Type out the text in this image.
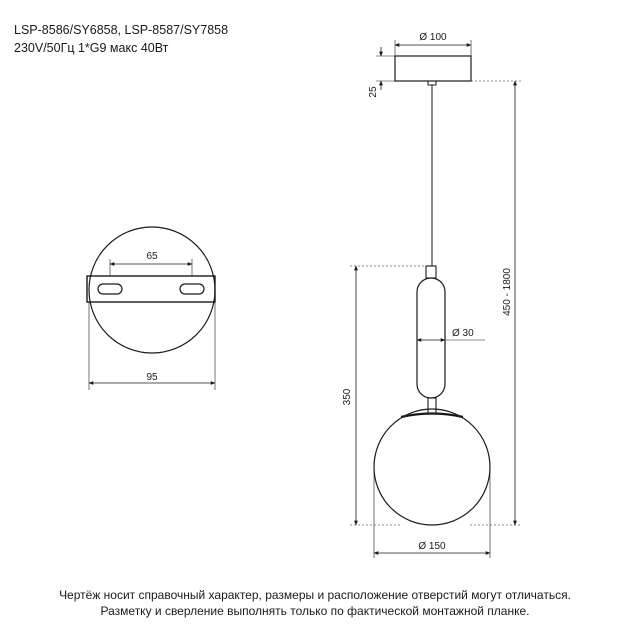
LSP-8586/SY6858, LSP-8587/SY7858
230V/50Гц 1*G9 макс 40Вт
65
95
Ø 100
25
450 - 1800
Ø 30
350
Ø 150
Чертёж носит справочный характер, размеры и расположение отверстий могут отличаться.
Разметку и сверление выполнять только по фактической монтажной планке.
